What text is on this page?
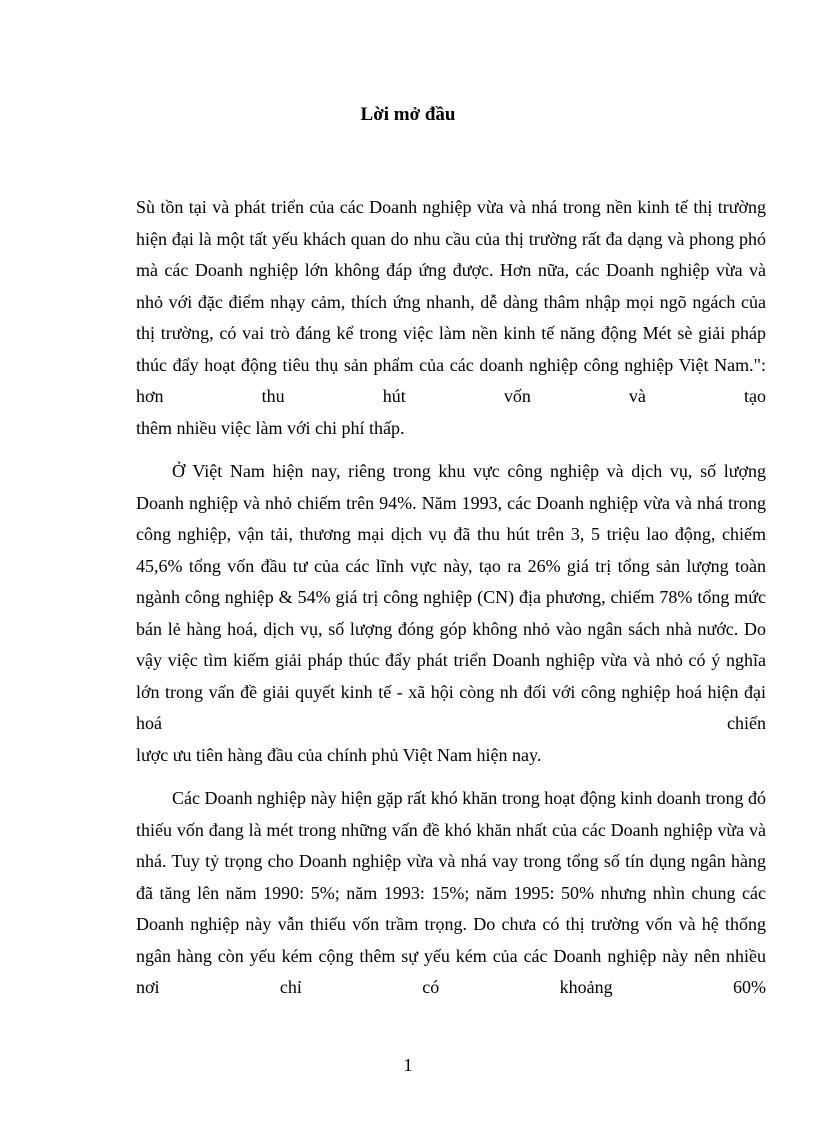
Lời mở đầu

Sù tồn tại và phát triển của các Doanh nghiệp vừa và nhá trong nền kinh tế thị trường hiện đại là một tất yếu khách quan do nhu cầu của thị trường rất đa dạng và phong phó mà các Doanh nghiệp lớn không đáp ứng được. Hơn nữa, các Doanh nghiệp vừa và nhỏ với đặc điểm nhạy cảm, thích ứng nhanh, dễ dàng thâm nhập mọi ngõ ngách của thị trường, có vai trò đáng kể trong việc làm nền kinh tế năng động Mét sè giải pháp thúc đẩy hoạt động tiêu thụ sản phẩm của các doanh nghiệp công nghiệp Việt Nam.": hơn thu hút vốn và tạo

thêm nhiều việc làm với chi phí thấp.

Ở Việt Nam hiện nay, riêng trong khu vực công nghiệp và dịch vụ, số lượng Doanh nghiệp và nhỏ chiếm trên 94%. Năm 1993, các Doanh nghiệp vừa và nhá trong công nghiệp, vận tải, thương mại dịch vụ đã thu hút trên 3, 5 triệu lao động, chiếm 45,6% tổng vốn đầu tư của các lĩnh vực này, tạo ra 26% giá trị tổng sản lượng toàn ngành công nghiệp & 54% giá trị công nghiệp (CN) địa phương, chiếm 78% tổng mức bán lẻ hàng hoá, dịch vụ, số lượng đóng góp không nhỏ vào ngân sách nhà nước. Do vậy việc tìm kiếm giải pháp thúc đẩy phát triển Doanh nghiệp vừa và nhỏ có ý nghĩa lớn trong vấn đề giải quyết kinh tế - xã hội còng nh đối với công nghiệp hoá hiện đại hoá chiến

lược ưu tiên hàng đầu của chính phủ Việt Nam hiện nay.

Các Doanh nghiệp này hiện gặp rất khó khăn trong hoạt động kinh doanh trong đó thiếu vốn đang là mét trong những vấn đề khó khăn nhất của các Doanh nghiệp vừa và nhá. Tuy tỷ trọng cho Doanh nghiệp vừa và nhá vay trong tổng số tín dụng ngân hàng đã tăng lên năm 1990: 5%; năm 1993: 15%; năm 1995: 50% nhưng nhìn chung các Doanh nghiệp này vẫn thiếu vốn trầm trọng. Do chưa có thị trường vốn và hệ thống ngân hàng còn yếu kém cộng thêm sự yếu kém của các Doanh nghiệp này nên nhiều nơi chỉ có khoảng 60%

1
